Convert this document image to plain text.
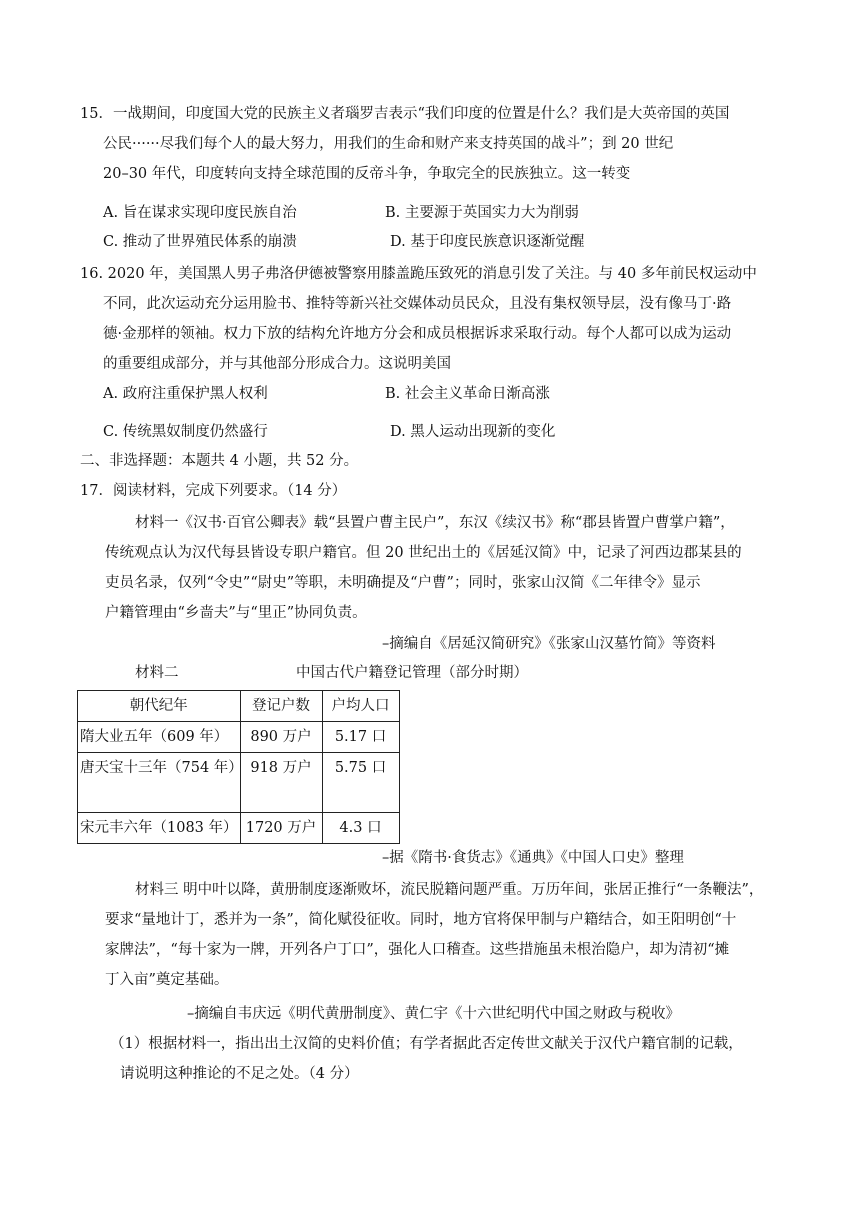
15．一战期间，印度国大党的民族主义者瑙罗吉表示“我们印度的位置是什么？我们是大英帝国的英国
公民······尽我们每个人的最大努力，用我们的生命和财产来支持英国的战斗”；到 20 世纪
20–30 年代，印度转向支持全球范围的反帝斗争，争取完全的民族独立。这一转变
A. 旨在谋求实现印度民族自治	B. 主要源于英国实力大为削弱
C. 推动了世界殖民体系的崩溃	D. 基于印度民族意识逐渐觉醒
16. 2020 年，美国黑人男子弗洛伊德被警察用膝盖跪压致死的消息引发了关注。与 40 多年前民权运动中
不同，此次运动充分运用脸书、推特等新兴社交媒体动员民众，且没有集权领导层，没有像马丁·路
德·金那样的领袖。权力下放的结构允许地方分会和成员根据诉求采取行动。每个人都可以成为运动
的重要组成部分，并与其他部分形成合力。这说明美国
A. 政府注重保护黑人权利	B. 社会主义革命日渐高涨
C. 传统黑奴制度仍然盛行	D. 黑人运动出现新的变化
二、非选择题：本题共 4 小题，共 52 分。
17．阅读材料，完成下列要求。（14 分）
材料一《汉书·百官公卿表》载“县置户曹主民户”，东汉《续汉书》称“郡县皆置户曹掌户籍”，
传统观点认为汉代每县皆设专职户籍官。但 20 世纪出土的《居延汉简》中，记录了河西边郡某县的
吏员名录，仅列“令史”“尉史”等职，未明确提及“户曹”；同时，张家山汉简《二年律令》显示
户籍管理由“乡啬夫”与“里正”协同负责。
–摘编自《居延汉简研究》《张家山汉墓竹简》等资料
材料二	中国古代户籍登记管理（部分时期）
朝代纪年	登记户数	户均人口
隋大业五年（609 年）	890 万户	5.17 口
唐天宝十三年（754 年）	918 万户	5.75 口
宋元丰六年（1083 年）	1720 万户	4.3 口
–据《隋书·食货志》《通典》《中国人口史》整理
材料三 明中叶以降，黄册制度逐渐败坏，流民脱籍问题严重。万历年间，张居正推行“一条鞭法”，
要求“量地计丁，悉并为一条”，简化赋役征收。同时，地方官将保甲制与户籍结合，如王阳明创“十
家牌法”，“每十家为一牌，开列各户丁口”，强化人口稽查。这些措施虽未根治隐户，却为清初“摊
丁入亩”奠定基础。
–摘编自韦庆远《明代黄册制度》、黄仁宇《十六世纪明代中国之财政与税收》
（1）根据材料一，指出出土汉简的史料价值；有学者据此否定传世文献关于汉代户籍官制的记载，
请说明这种推论的不足之处。（4 分）
